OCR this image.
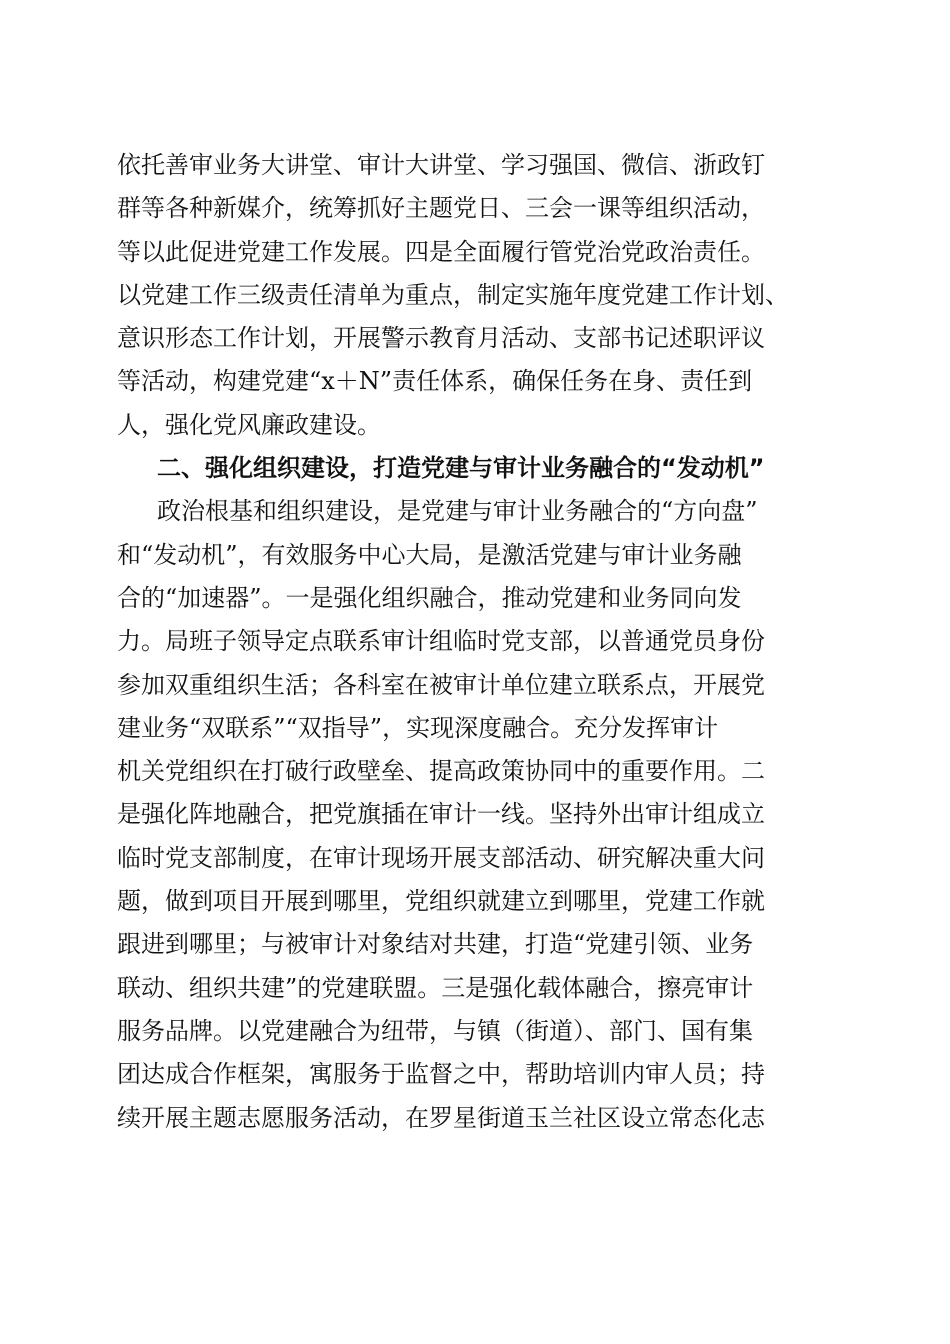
依托善审业务大讲堂、审计大讲堂、学习强国、微信、浙政钉
群等各种新媒介，统筹抓好主题党日、三会一课等组织活动，
等以此促进党建工作发展。四是全面履行管党治党政治责任。
以党建工作三级责任清单为重点，制定实施年度党建工作计划、
意识形态工作计划，开展警示教育月活动、支部书记述职评议
等活动，构建党建“x＋N”责任体系，确保任务在身、责任到
人，强化党风廉政建设。
二、强化组织建设，打造党建与审计业务融合的“发动机”
政治根基和组织建设，是党建与审计业务融合的“方向盘”
和“发动机”，有效服务中心大局，是激活党建与审计业务融
合的“加速器”。一是强化组织融合，推动党建和业务同向发
力。局班子领导定点联系审计组临时党支部，以普通党员身份
参加双重组织生活；各科室在被审计单位建立联系点，开展党
建业务“双联系”“双指导”，实现深度融合。充分发挥审计
机关党组织在打破行政壁垒、提高政策协同中的重要作用。二
是强化阵地融合，把党旗插在审计一线。坚持外出审计组成立
临时党支部制度，在审计现场开展支部活动、研究解决重大问
题，做到项目开展到哪里，党组织就建立到哪里，党建工作就
跟进到哪里；与被审计对象结对共建，打造“党建引领、业务
联动、组织共建”的党建联盟。三是强化载体融合，擦亮审计
服务品牌。以党建融合为纽带，与镇（街道）、部门、国有集
团达成合作框架，寓服务于监督之中，帮助培训内审人员；持
续开展主题志愿服务活动，在罗星街道玉兰社区设立常态化志
